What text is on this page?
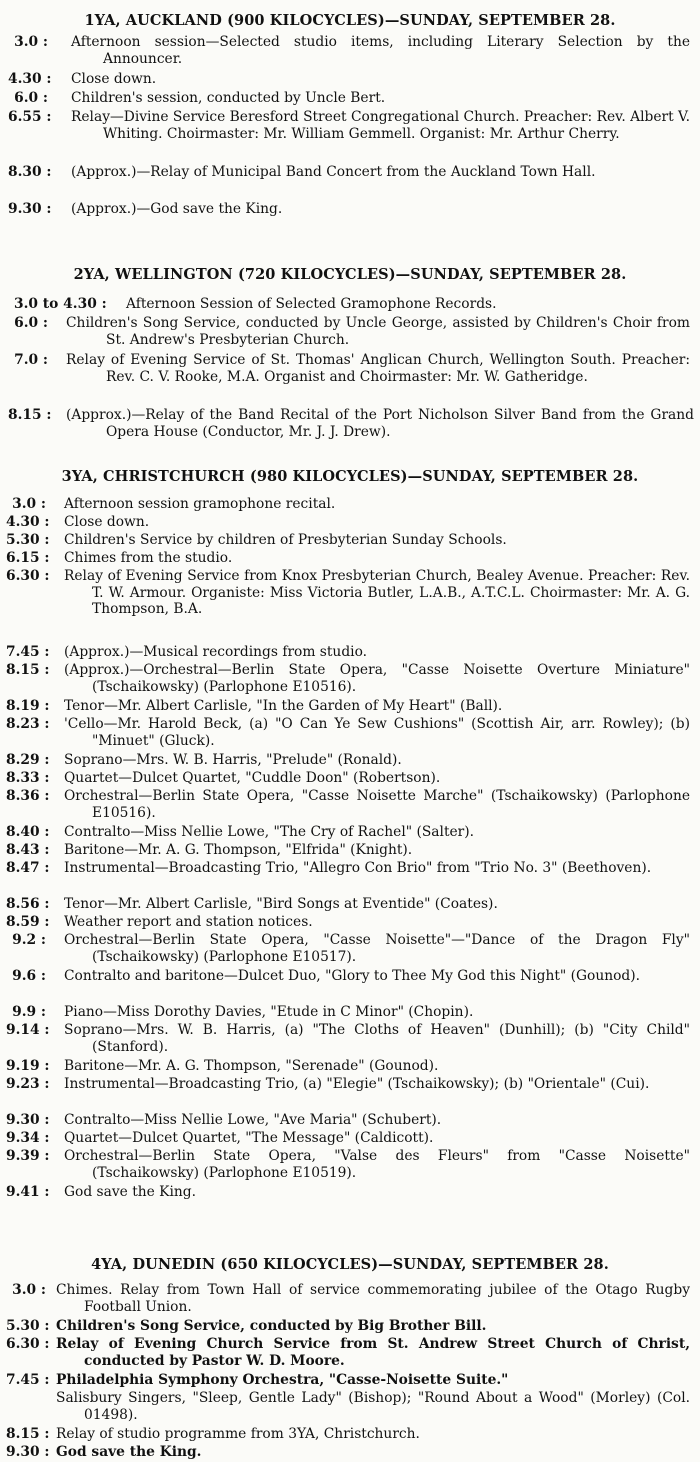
1YA, AUCKLAND (900 KILOCYCLES)—SUNDAY, SEPTEMBER 28.
3.0 : Afternoon session—Selected studio items, including Literary Selection by the Announcer.
4.30 : Close down.
6.0 : Children's session, conducted by Uncle Bert.
6.55 : Relay—Divine Service Beresford Street Congregational Church. Preacher: Rev. Albert V. Whiting. Choirmaster: Mr. William Gemmell. Organist: Mr. Arthur Cherry.
8.30 : (Approx.)—Relay of Municipal Band Concert from the Auckland Town Hall.
9.30 : (Approx.)—God save the King.
2YA, WELLINGTON (720 KILOCYCLES)—SUNDAY, SEPTEMBER 28.
3.0 to 4.30 :	Afternoon Session of Selected Gramophone Records.
6.0 : Children's Song Service, conducted by Uncle George, assisted by Children's Choir from St. Andrew's Presbyterian Church.
7.0 : Relay of Evening Service of St. Thomas' Anglican Church, Wellington South. Preacher: Rev. C. V. Rooke, M.A. Organist and Choirmaster: Mr. W. Gatheridge.
8.15 : (Approx.)—Relay of the Band Recital of the Port Nicholson Silver Band from the Grand Opera House (Conductor, Mr. J. J. Drew).
3YA, CHRISTCHURCH (980 KILOCYCLES)—SUNDAY, SEPTEMBER 28.
3.0 : Afternoon session gramophone recital.
4.30 : Close down.
5.30 : Children's Service by children of Presbyterian Sunday Schools.
6.15 : Chimes from the studio.
6.30 : Relay of Evening Service from Knox Presbyterian Church, Bealey Avenue. Preacher: Rev. T. W. Armour. Organiste: Miss Victoria Butler, L.A.B., A.T.C.L. Choirmaster: Mr. A. G. Thompson, B.A.
7.45 : (Approx.)—Musical recordings from studio.
8.15 : (Approx.)—Orchestral—Berlin State Opera, "Casse Noisette Overture Miniature" (Tschaikowsky) (Parlophone E10516).
8.19 : Tenor—Mr. Albert Carlisle, "In the Garden of My Heart" (Ball).
8.23 : 'Cello—Mr. Harold Beck, (a) "O Can Ye Sew Cushions" (Scottish Air, arr. Rowley); (b) "Minuet" (Gluck).
8.29 : Soprano—Mrs. W. B. Harris, "Prelude" (Ronald).
8.33 : Quartet—Dulcet Quartet, "Cuddle Doon" (Robertson).
8.36 : Orchestral—Berlin State Opera, "Casse Noisette Marche" (Tschaikowsky) (Parlophone E10516).
8.40 : Contralto—Miss Nellie Lowe, "The Cry of Rachel" (Salter).
8.43 : Baritone—Mr. A. G. Thompson, "Elfrida" (Knight).
8.47 : Instrumental—Broadcasting Trio, "Allegro Con Brio" from "Trio No. 3" (Beethoven).
8.56 : Tenor—Mr. Albert Carlisle, "Bird Songs at Eventide" (Coates).
8.59 : Weather report and station notices.
9.2 : Orchestral—Berlin State Opera, "Casse Noisette"—"Dance of the Dragon Fly" (Tschaikowsky) (Parlophone E10517).
9.6 : Contralto and baritone—Dulcet Duo, "Glory to Thee My God this Night" (Gounod).
9.9 : Piano—Miss Dorothy Davies, "Etude in C Minor" (Chopin).
9.14 : Soprano—Mrs. W. B. Harris, (a) "The Cloths of Heaven" (Dunhill); (b) "City Child" (Stanford).
9.19 : Baritone—Mr. A. G. Thompson, "Serenade" (Gounod).
9.23 : Instrumental—Broadcasting Trio, (a) "Elegie" (Tschaikowsky); (b) "Orientale" (Cui).
9.30 : Contralto—Miss Nellie Lowe, "Ave Maria" (Schubert).
9.34 : Quartet—Dulcet Quartet, "The Message" (Caldicott).
9.39 : Orchestral—Berlin State Opera, "Valse des Fleurs" from "Casse Noisette" (Tschaikowsky) (Parlophone E10519).
9.41 : God save the King.
4YA, DUNEDIN (650 KILOCYCLES)—SUNDAY, SEPTEMBER 28.
3.0 : Chimes. Relay from Town Hall of service commemorating jubilee of the Otago Rugby Football Union.
5.30 : Children's Song Service, conducted by Big Brother Bill.
6.30 : Relay of Evening Church Service from St. Andrew Street Church of Christ, conducted by Pastor W. D. Moore.
7.45 : Philadelphia Symphony Orchestra, "Casse-Noisette Suite."
Salisbury Singers, "Sleep, Gentle Lady" (Bishop); "Round About a Wood" (Morley) (Col. 01498).
8.15 : Relay of studio programme from 3YA, Christchurch.
9.30 : God save the King.
